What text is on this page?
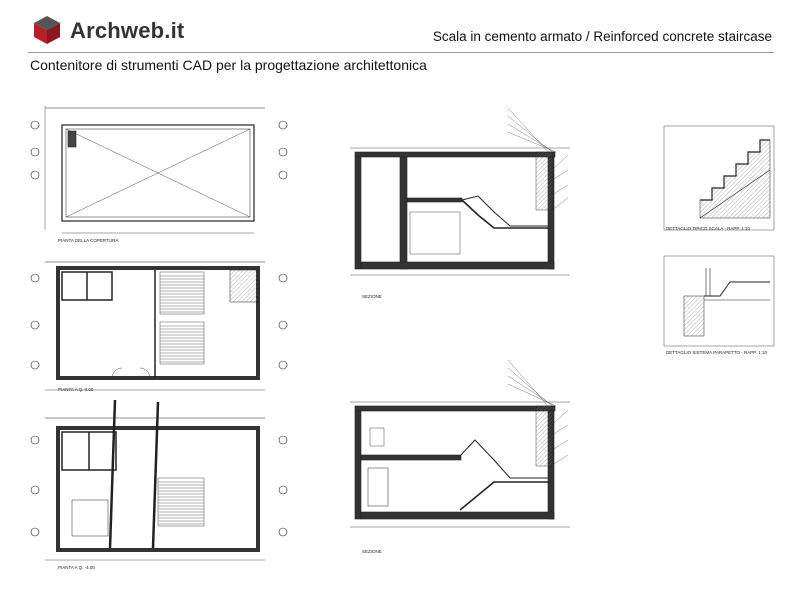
Archweb.it	Scala in cemento armato / Reinforced concrete staircase
Contenitore di strumenti CAD per la progettazione architettonica
PIANTA DELLA COPERTURA
PIANTA A Q. 0.00
PIANTA A Q. -4.00
SEZIONE
SEZIONE
DETTAGLIO TIPICO SCALA - RAPP. 1:10
DETTAGLIO SISTEMA PARAPETTO - RAPP. 1:10
